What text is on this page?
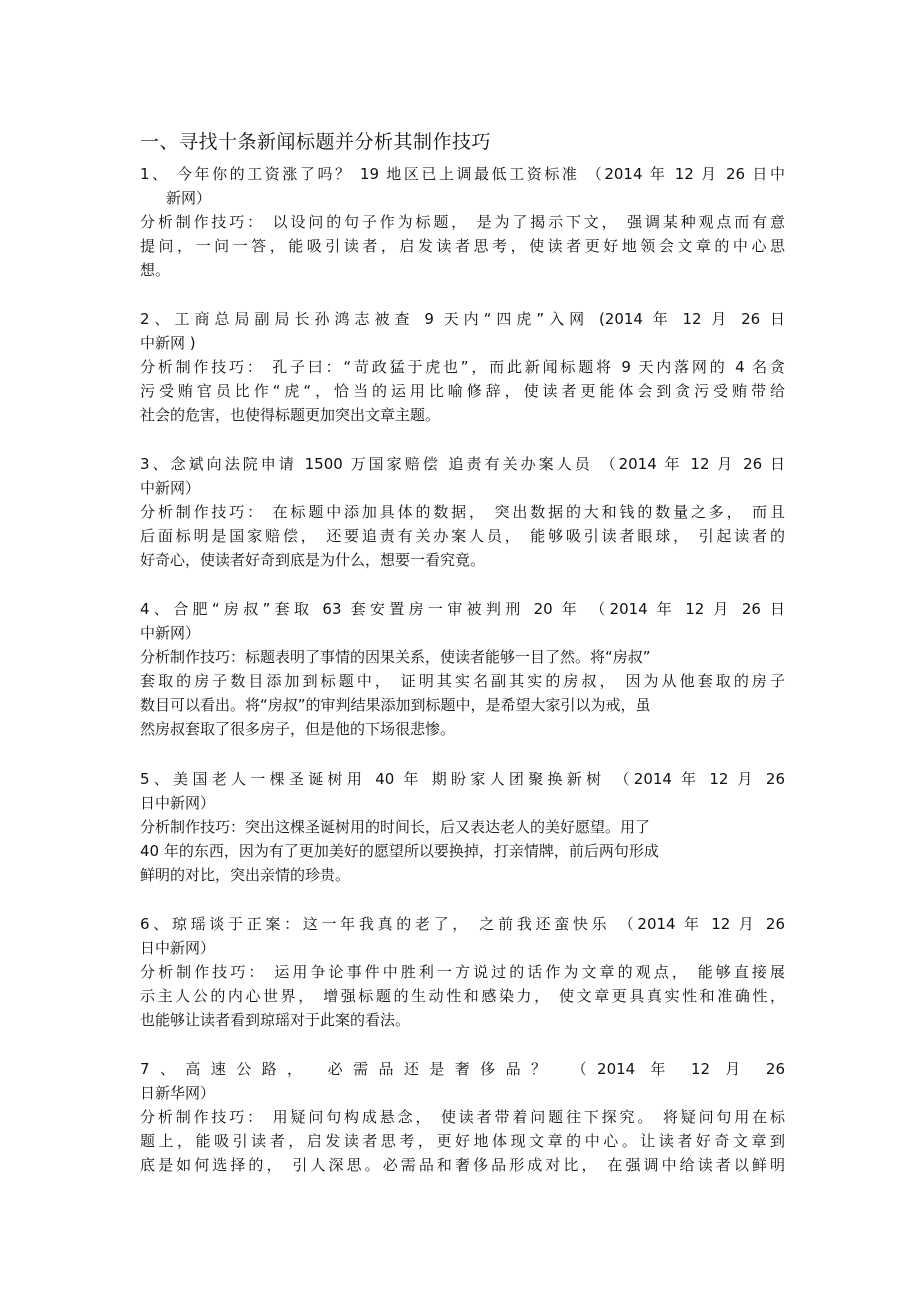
一、寻找十条新闻标题并分析其制作技巧
1、 今年你的工资涨了吗？ 19 地区已上调最低工资标准 （2014 年 12 月 26 日中
新网）
分析制作技巧： 以设问的句子作为标题， 是为了揭示下文， 强调某种观点而有意
提问，一问一答，能吸引读者，启发读者思考，使读者更好地领会文章的中心思
想。
2、工商总局副局长孙鸿志被查 9 天内“四虎”入网 (2014 年 12 月 26 日
中新网 )
分析制作技巧： 孔子曰：“苛政猛于虎也”，而此新闻标题将 9 天内落网的 4 名贪
污受贿官员比作“虎“，恰当的运用比喻修辞，使读者更能体会到贪污受贿带给
社会的危害，也使得标题更加突出文章主题。
3、念斌向法院申请 1500 万国家赔偿 追责有关办案人员 （2014 年 12 月 26 日
中新网）
分析制作技巧： 在标题中添加具体的数据， 突出数据的大和钱的数量之多， 而且
后面标明是国家赔偿， 还要追责有关办案人员， 能够吸引读者眼球， 引起读者的
好奇心，使读者好奇到底是为什么，想要一看究竟。
4、合肥“房叔”套取 63 套安置房一审被判刑 20 年 （2014 年 12 月 26 日
中新网）
分析制作技巧：标题表明了事情的因果关系，使读者能够一目了然。将“房叔”
套取的房子数目添加到标题中， 证明其实名副其实的房叔， 因为从他套取的房子
数目可以看出。将“房叔”的审判结果添加到标题中，是希望大家引以为戒，虽
然房叔套取了很多房子，但是他的下场很悲惨。
5、美国老人一棵圣诞树用 40 年 期盼家人团聚换新树 （2014 年 12 月 26
日中新网）
分析制作技巧：突出这棵圣诞树用的时间长，后又表达老人的美好愿望。用了
40 年的东西，因为有了更加美好的愿望所以要换掉，打亲情牌，前后两句形成
鲜明的对比，突出亲情的珍贵。
6、琼瑶谈于正案：这一年我真的老了， 之前我还蛮快乐 （2014 年 12 月 26
日中新网）
分析制作技巧： 运用争论事件中胜利一方说过的话作为文章的观点， 能够直接展
示主人公的内心世界， 增强标题的生动性和感染力， 使文章更具真实性和准确性，
也能够让读者看到琼瑶对于此案的看法。
7、高速公路， 必需品还是奢侈品？ （2014 年 12 月 26
日新华网）
分析制作技巧： 用疑问句构成悬念， 使读者带着问题往下探究。 将疑问句用在标
题上，能吸引读者，启发读者思考，更好地体现文章的中心。让读者好奇文章到
底是如何选择的， 引人深思。必需品和奢侈品形成对比， 在强调中给读者以鲜明
